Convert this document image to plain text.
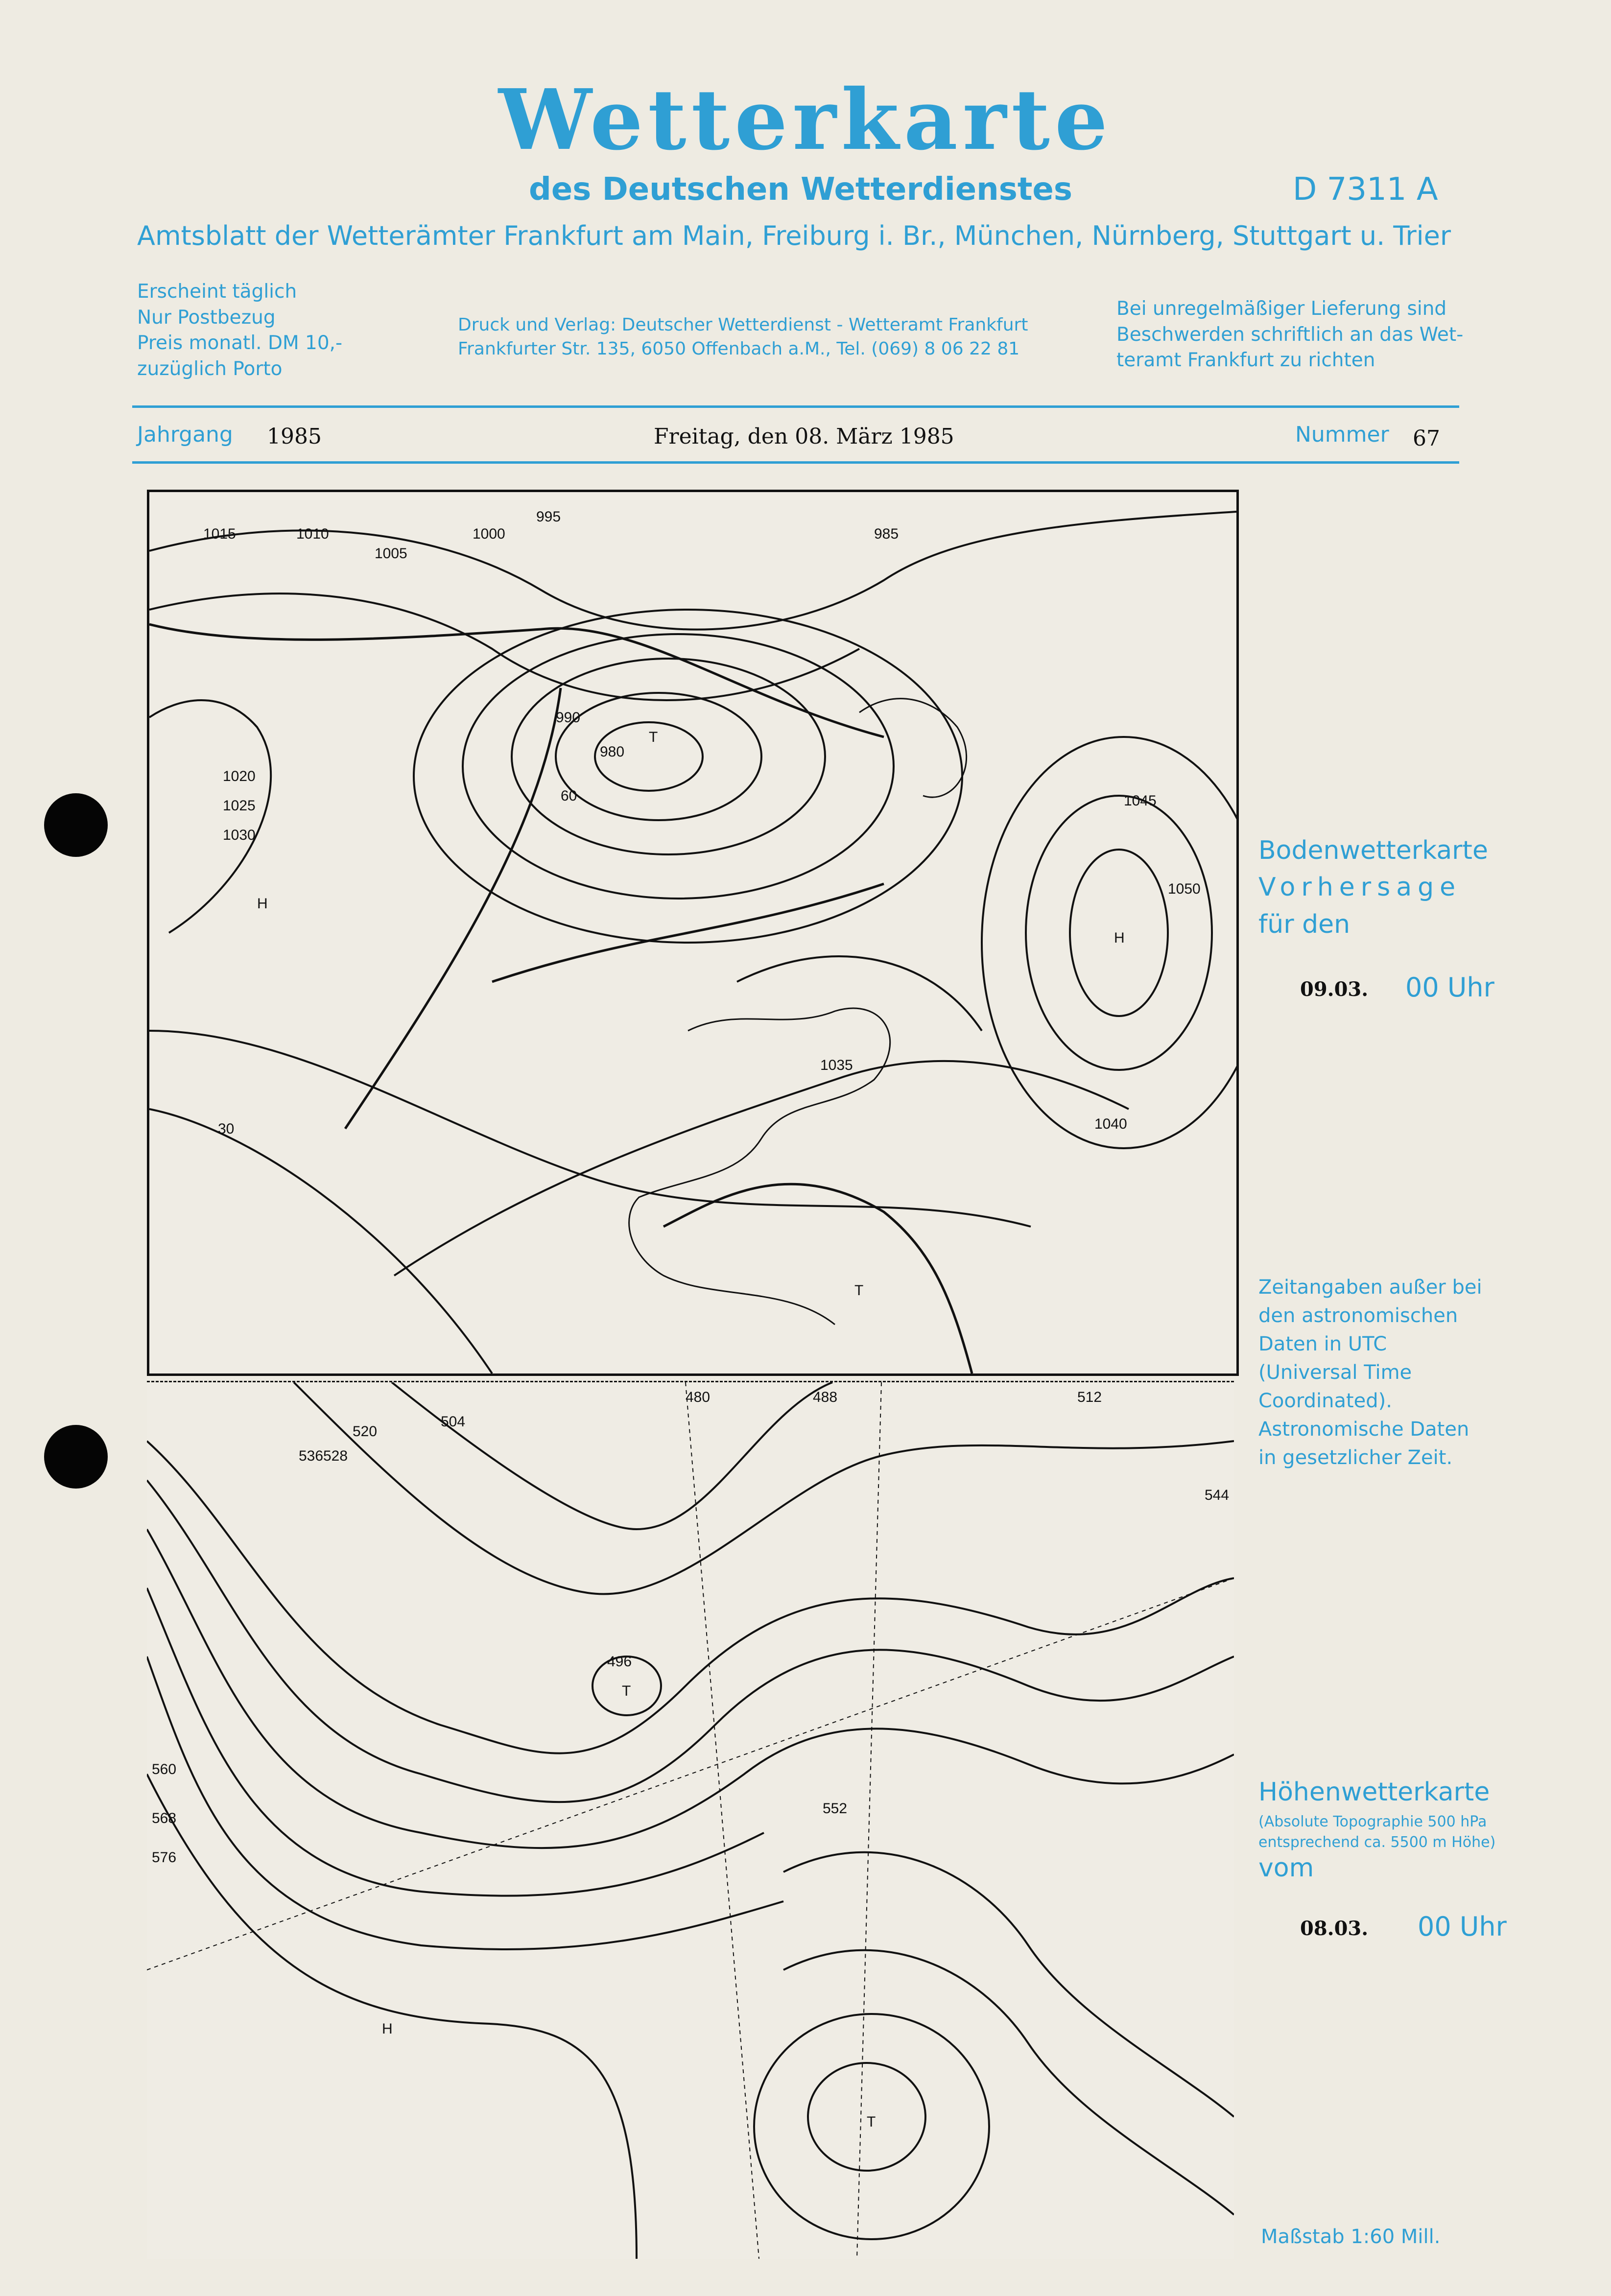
Wetterkarte
des Deutschen Wetterdienstes	D 7311 A
Amtsblatt der Wetterämter Frankfurt am Main, Freiburg i. Br., München, Nürnberg, Stuttgart u. Trier
Erscheint täglich
Nur Postbezug
Preis monatl. DM 10,-
zuzüglich Porto
Druck und Verlag: Deutscher Wetterdienst - Wetteramt Frankfurt
Frankfurter Str. 135, 6050 Offenbach a.M., Tel. (069) 8 06 22 81
Bei unregelmäßiger Lieferung sind
Beschwerden schriftlich an das Wet-
teramt Frankfurt zu richten
Jahrgang 1985	Freitag, den 08. März 1985	Nummer 67
1015	1010
1005
1000
995
990
985
980
1020
1025
1030
1035
1040
1045
1050
H
H
T
T
30
60
Bodenwetterkarte
Vorhersage
für den
09.03. 00 Uhr
Zeitangaben außer bei
den astronomischen
Daten in UTC
(Universal Time
Coordinated).
Astronomische Daten
in gesetzlicher Zeit.
496
488
480
504
512
520
528
536
544
552
560
568
576
H
T
T
Höhenwetterkarte
(Absolute Topographie 500 hPa
entsprechend ca. 5500 m Höhe)
vom
08.03. 00 Uhr
Maßstab 1:60 Mill.
